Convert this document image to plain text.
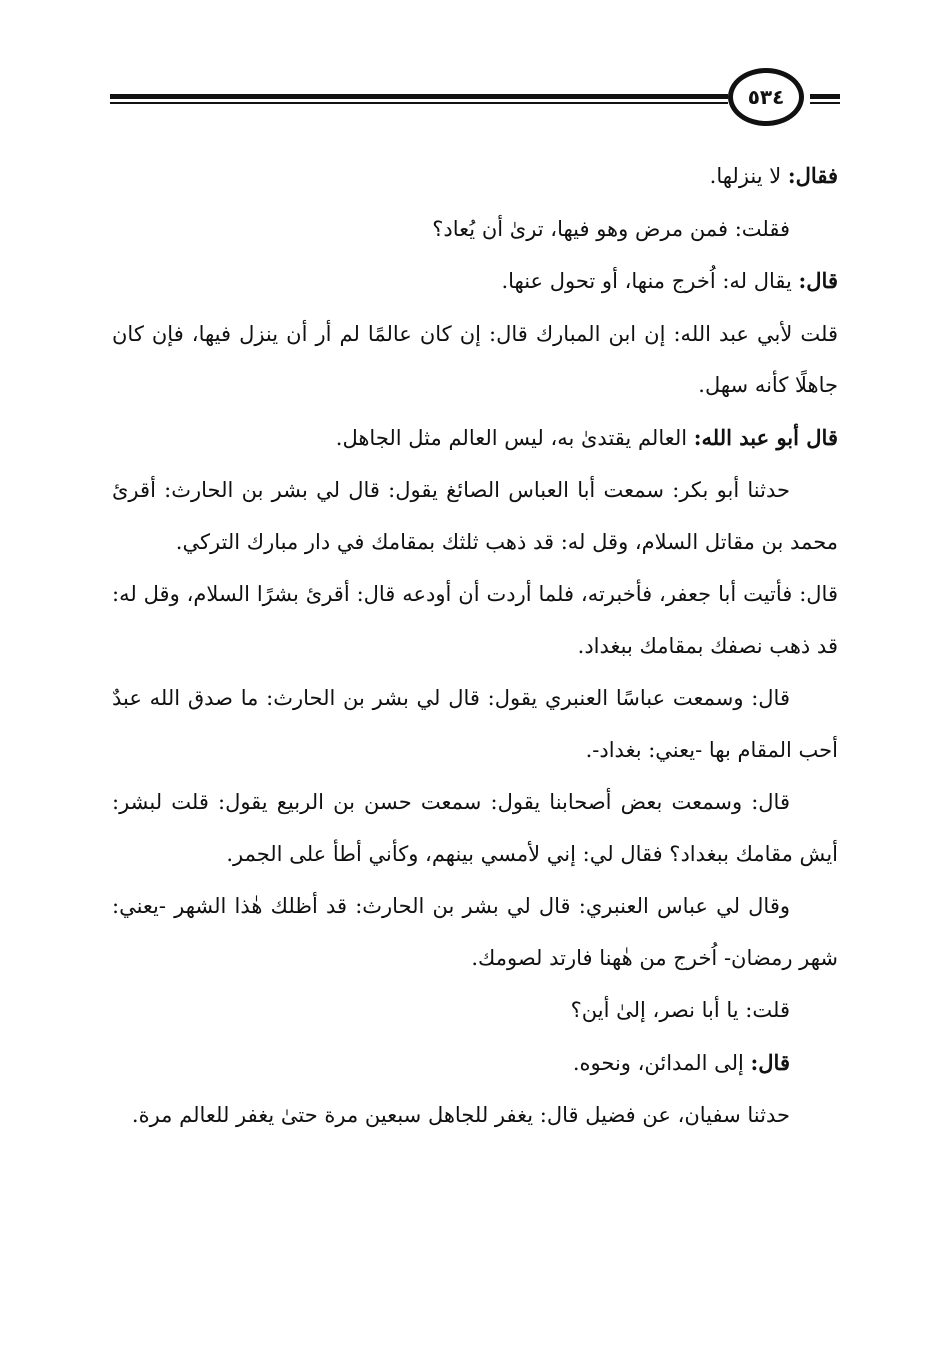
٥٣٤

فقال: لا ينزلها.

فقلت: فمن مرض وهو فيها، ترىٰ أن يُعاد؟

قال: يقال له: اُخرج منها، أو تحول عنها.

قلت لأبي عبد الله: إن ابن المبارك قال: إن كان عالمًا لم أر أن ينزل فيها، فإن كان جاهلًا كأنه سهل.

قال أبو عبد الله: العالم يقتدىٰ به، ليس العالم مثل الجاهل.

حدثنا أبو بكر: سمعت أبا العباس الصائغ يقول: قال لي بشر بن الحارث: أقرئ محمد بن مقاتل السلام، وقل له: قد ذهب ثلثك بمقامك في دار مبارك التركي.

قال: فأتيت أبا جعفر، فأخبرته، فلما أردت أن أودعه قال: أقرئ بشرًا السلام، وقل له: قد ذهب نصفك بمقامك ببغداد.

قال: وسمعت عباسًا العنبري يقول: قال لي بشر بن الحارث: ما صدق الله عبدٌ أحب المقام بها -يعني: بغداد-.

قال: وسمعت بعض أصحابنا يقول: سمعت حسن بن الربيع يقول: قلت لبشر: أيش مقامك ببغداد؟ فقال لي: إني لأمسي بينهم، وكأني أطأ على الجمر.

وقال لي عباس العنبري: قال لي بشر بن الحارث: قد أظلك هٰذا الشهر -يعني: شهر رمضان- اُخرج من هٰهنا فارتد لصومك.

قلت: يا أبا نصر، إلىٰ أين؟

قال: إلى المدائن، ونحوه.

حدثنا سفيان، عن فضيل قال: يغفر للجاهل سبعين مرة حتىٰ يغفر للعالم مرة.
